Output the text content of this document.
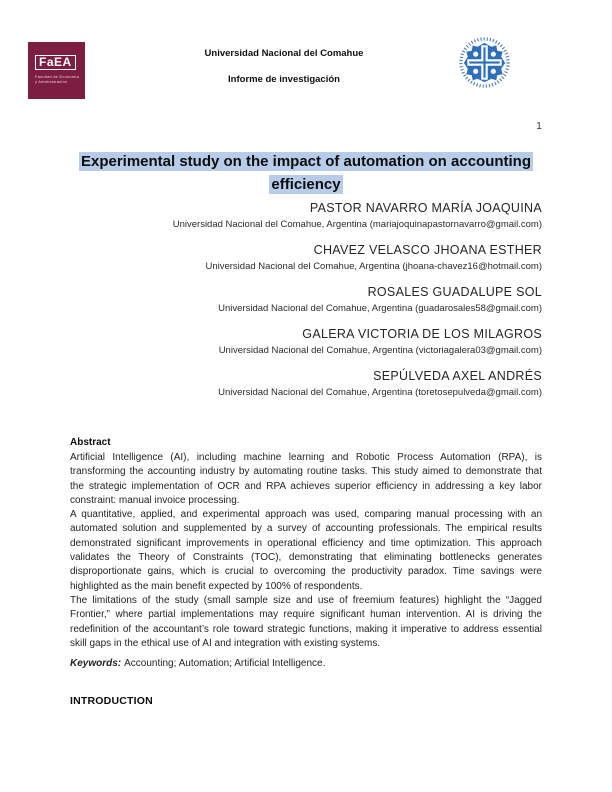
FaEA
Facultad de Economía
y Administración
Universidad Nacional del Comahue
Informe de investigación
1
Experimental study on the impact of automation on accounting
efficiency
PASTOR NAVARRO MARÍA JOAQUINA
Universidad Nacional del Comahue, Argentina (mariajoquinapastornavarro@gmail.com)
CHAVEZ VELASCO JHOANA ESTHER
Universidad Nacional del Comahue, Argentina (jhoana-chavez16@hotmail.com)
ROSALES GUADALUPE SOL
Universidad Nacional del Comahue, Argentina (guadarosales58@gmail.com)
GALERA VICTORIA DE LOS MILAGROS
Universidad Nacional del Comahue, Argentina (victoriagalera03@gmail.com)
SEPÚLVEDA AXEL ANDRÉS
Universidad Nacional del Comahue, Argentina (toretosepulveda@gmail.com)
Abstract

Artificial Intelligence (AI), including machine learning and Robotic Process Automation (RPA), is transforming the accounting industry by automating routine tasks. This study aimed to demonstrate that the strategic implementation of OCR and RPA achieves superior efficiency in addressing a key labor constraint: manual invoice processing.

A quantitative, applied, and experimental approach was used, comparing manual processing with an automated solution and supplemented by a survey of accounting professionals. The empirical results demonstrated significant improvements in operational efficiency and time optimization. This approach validates the Theory of Constraints (TOC), demonstrating that eliminating bottlenecks generates disproportionate gains, which is crucial to overcoming the productivity paradox. Time savings were highlighted as the main benefit expected by 100% of respondents.

The limitations of the study (small sample size and use of freemium features) highlight the “Jagged Frontier,” where partial implementations may require significant human intervention. AI is driving the redefinition of the accountant’s role toward strategic functions, making it imperative to address essential skill gaps in the ethical use of AI and integration with existing systems.

Keywords: Accounting; Automation; Artificial Intelligence.
INTRODUCTION
